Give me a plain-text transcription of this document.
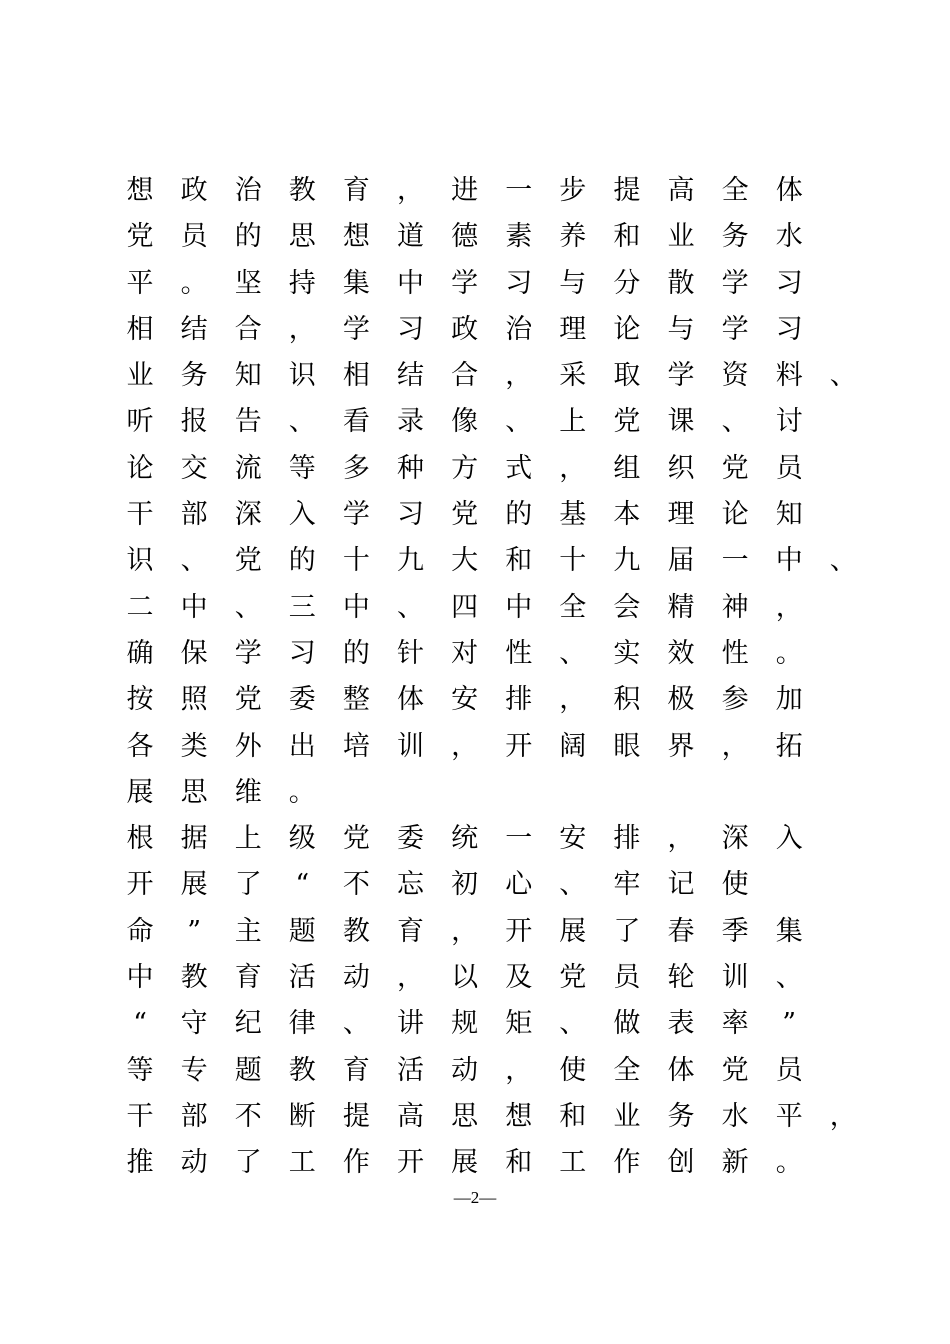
想 政 治 教 育 ， 进 一 步 提 高 全 体
党 员 的 思 想 道 德 素 养 和 业 务 水
平 。 坚 持 集 中 学 习 与 分 散 学 习
相 结 合 ， 学 习 政 治 理 论 与 学 习
业 务 知 识 相 结 合 ， 采 取 学 资 料 、
听 报 告 、 看 录 像 、 上 党 课 、 讨
论 交 流 等 多 种 方 式 ， 组 织 党 员
干 部 深 入 学 习 党 的 基 本 理 论 知
识 、 党 的 十 九 大 和 十 九 届 一 中 、
二 中 、 三 中 、 四 中 全 会 精 神 ，
确 保 学 习 的 针 对 性 、 实 效 性 。
按 照 党 委 整 体 安 排 ， 积 极 参 加
各 类 外 出 培 训 ， 开 阔 眼 界 ， 拓
展 思 维 。
根 据 上 级 党 委 统 一 安 排 ， 深 入
开 展 了	“	不 忘 初 心 、 牢 记 使
命	”	主 题 教 育 ， 开 展 了 春 季 集
中 教 育 活 动 ， 以 及 党 员 轮 训 、
“	守 纪 律 、 讲 规 矩 、 做 表 率	”
等 专 题 教 育 活 动 ， 使 全 体 党 员
干 部 不 断 提 高 思 想 和 业 务 水 平 ，
推 动 了 工 作 开 展 和 工 作 创 新 。
—2—
